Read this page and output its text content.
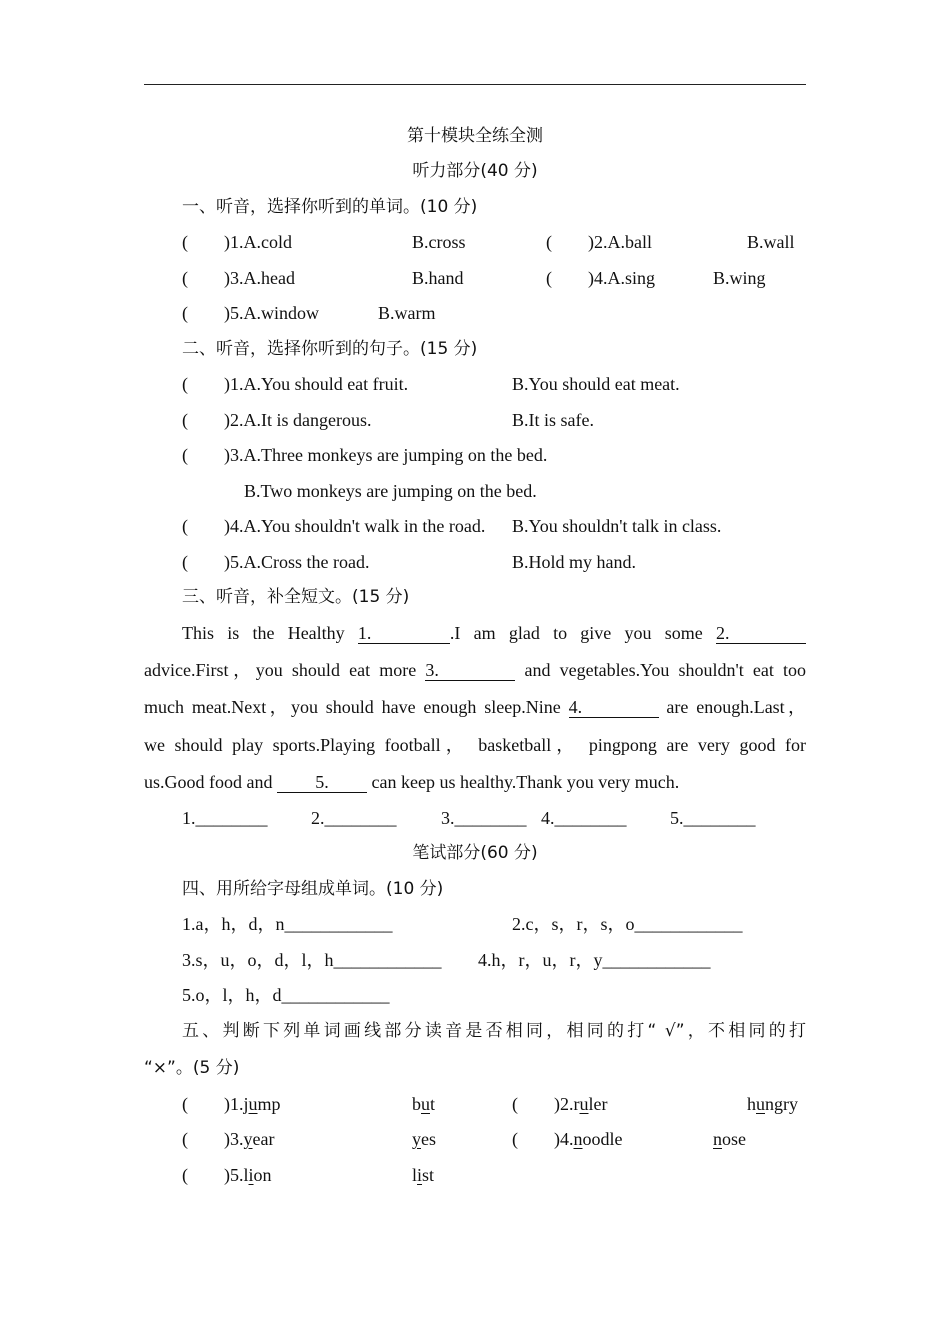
第十模块全练全测
听力部分(40 分)
一、听音，选择你听到的单词。(10 分)
(　　)1.A.cold	B.cross	(　　)2.A.ball	B.wall
(　　)3.A.head	B.hand	(　　)4.A.sing	B.wing
(　　)5.A.window	B.warm
二、听音，选择你听到的句子。(15 分)
(　　)1.A.You should eat fruit.	B.You should eat meat.
(　　)2.A.It is dangerous.	B.It is safe.
(　　)3.A.Three monkeys are jumping on the bed.
B.Two monkeys are jumping on the bed.
(　　)4.A.You shouldn't walk in the road. B.You shouldn't talk in class.
(　　)5.A.Cross the road.	B.Hold my hand.
三、听音，补全短文。(15 分)
This is the Healthy 1.	.I am glad to give you some 2.
advice.First，you should eat more 3.	and vegetables.You shouldn't eat too
much meat.Next，you should have enough sleep.Nine 4.	are enough.Last，
we should play sports.Playing football， basketball， pingpong are very good for
us.Good food and 5. can keep us healthy.Thank you very much.
1.________ 2.________ 3.________ 4.________ 5.________
笔试部分(60 分)
四、用所给字母组成单词。(10 分)
1.a，h，d，n____________	2.c，s，r，s，o____________
3.s，u，o，d，l，h____________ 4.h，r，u，r，y____________
5.o，l，h，d____________
五、判断下列单词画线部分读音是否相同，相同的打“ √”，不相同的打
“×”。(5 分)
(　　)1.jump	but	(　　)2.ruler	hungry
(　　)3.year	yes	(　　)4.noodle	nose
(　　)5.lion	list
